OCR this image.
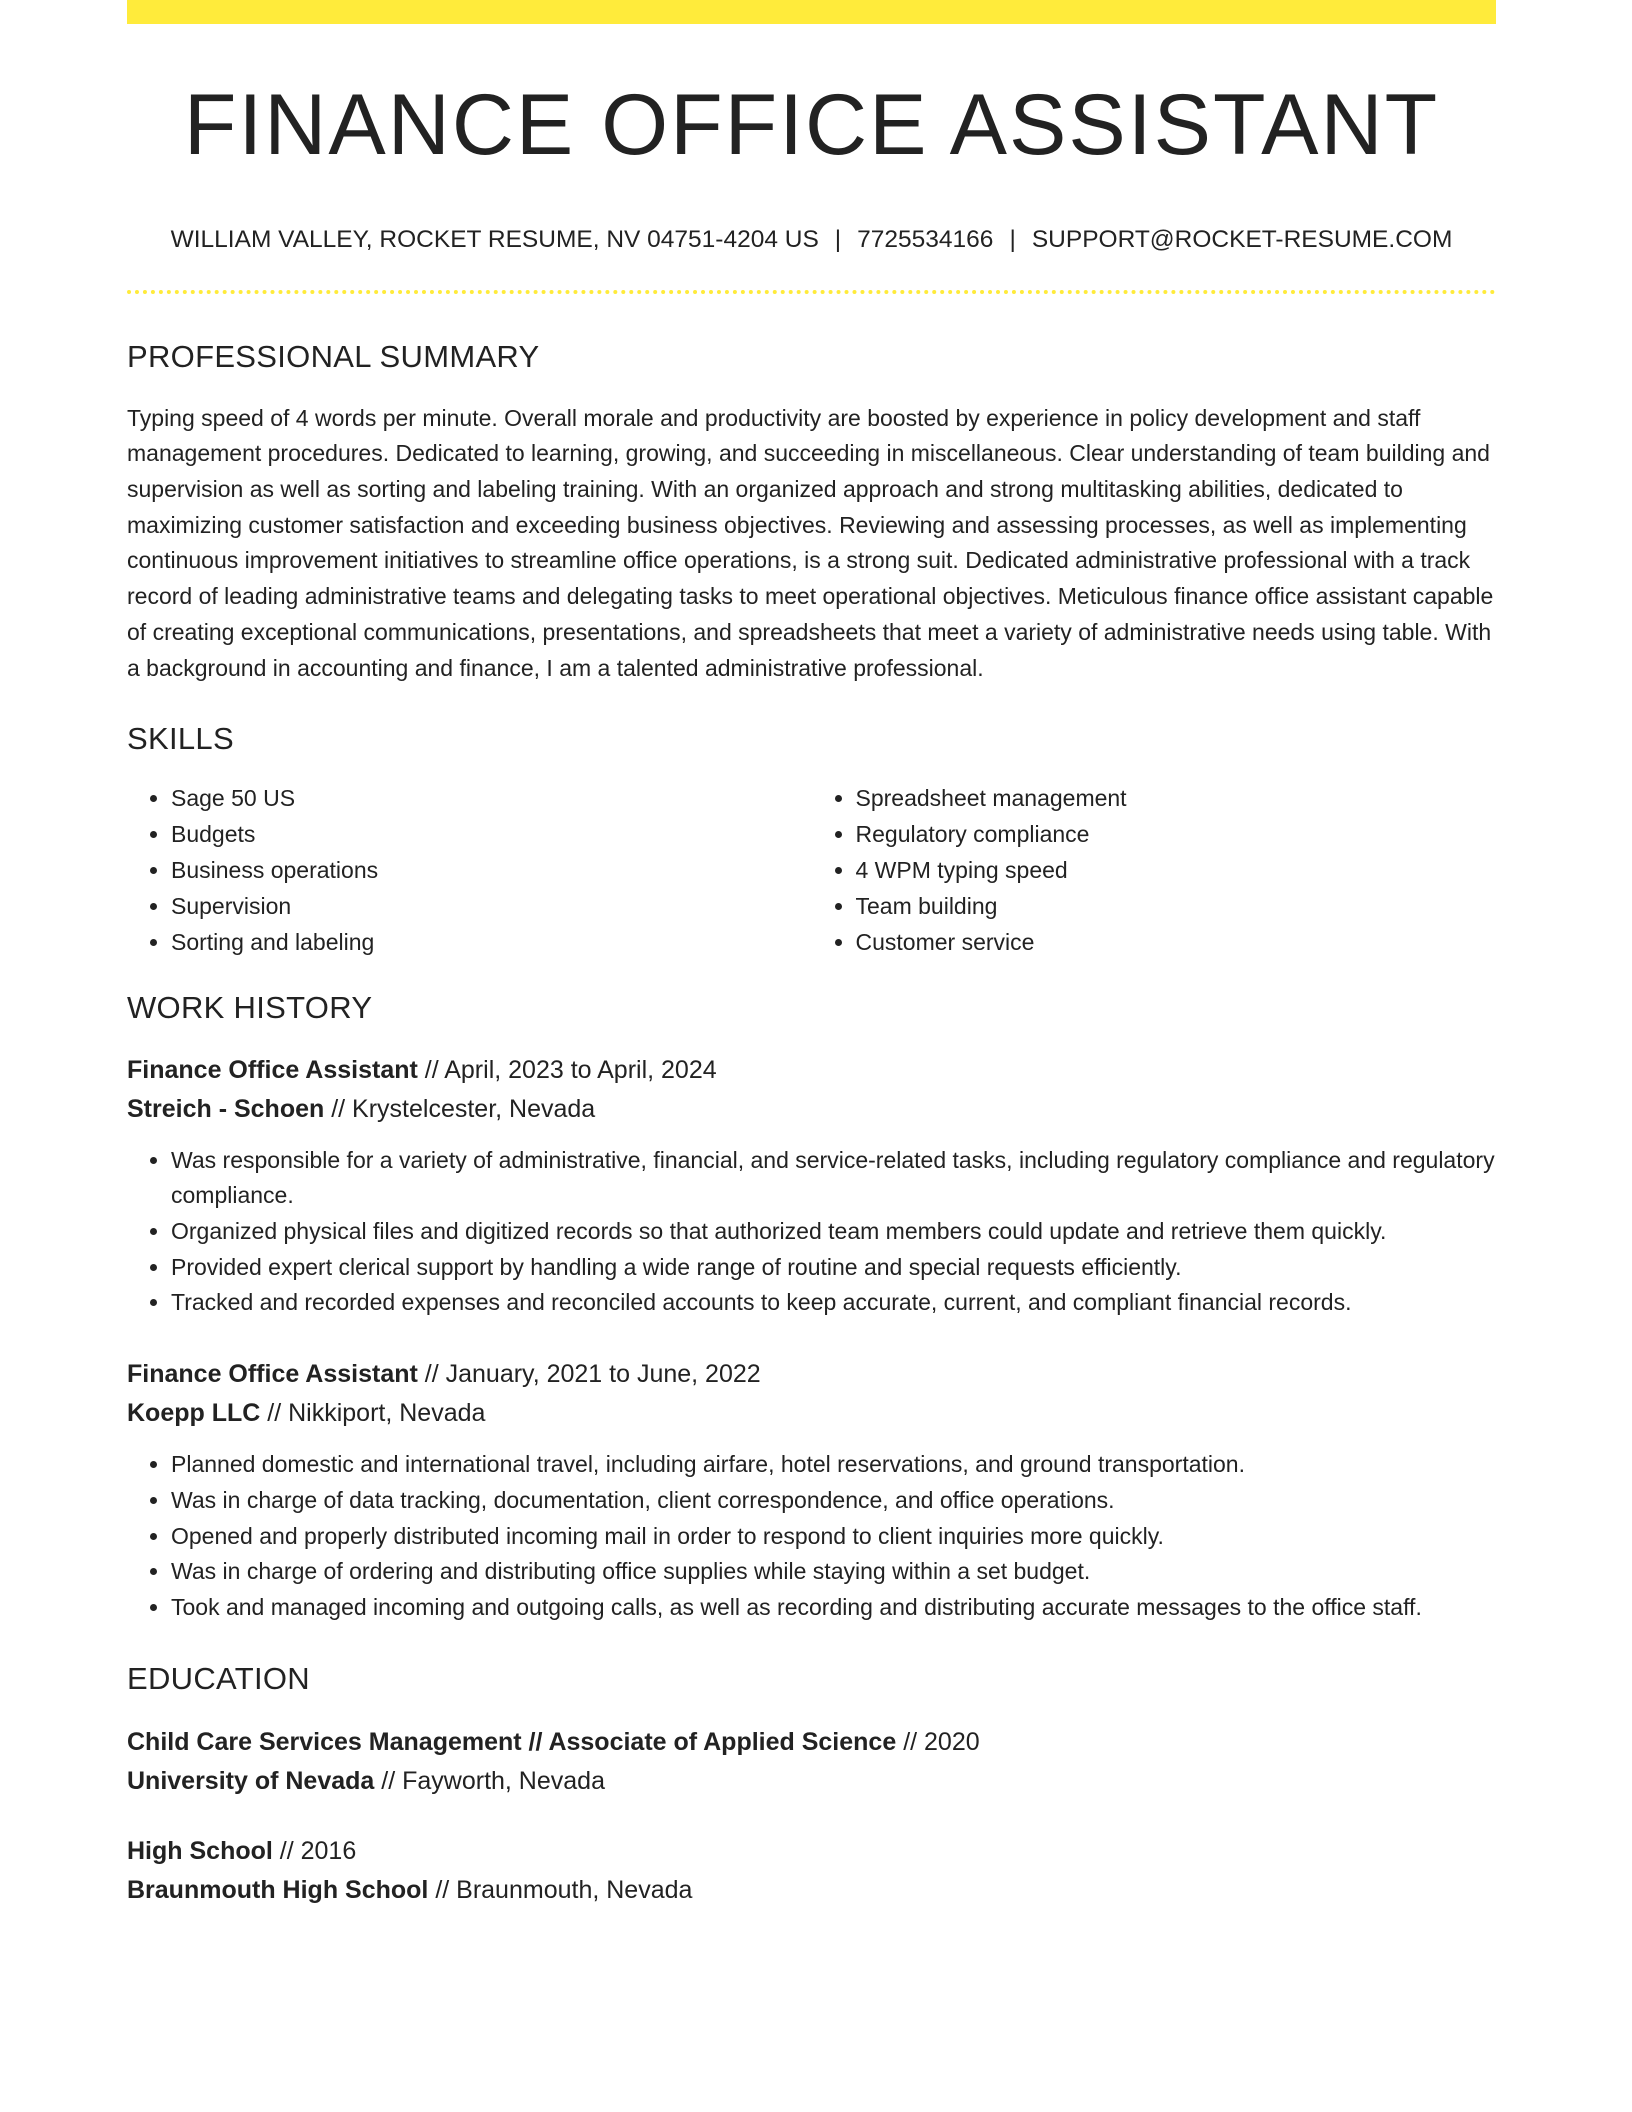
FINANCE OFFICE ASSISTANT
WILLIAM VALLEY, ROCKET RESUME, NV 04751-4204 US | 7725534166 | SUPPORT@ROCKET-RESUME.COM
PROFESSIONAL SUMMARY
Typing speed of 4 words per minute. Overall morale and productivity are boosted by experience in policy development and staff management procedures. Dedicated to learning, growing, and succeeding in miscellaneous. Clear understanding of team building and supervision as well as sorting and labeling training. With an organized approach and strong multitasking abilities, dedicated to maximizing customer satisfaction and exceeding business objectives. Reviewing and assessing processes, as well as implementing continuous improvement initiatives to streamline office operations, is a strong suit. Dedicated administrative professional with a track record of leading administrative teams and delegating tasks to meet operational objectives. Meticulous finance office assistant capable of creating exceptional communications, presentations, and spreadsheets that meet a variety of administrative needs using table. With a background in accounting and finance, I am a talented administrative professional.
SKILLS
• Sage 50 US
• Budgets
• Business operations
• Supervision
• Sorting and labeling
• Spreadsheet management
• Regulatory compliance
• 4 WPM typing speed
• Team building
• Customer service
WORK HISTORY
Finance Office Assistant // April, 2023 to April, 2024
Streich - Schoen // Krystelcester, Nevada
• Was responsible for a variety of administrative, financial, and service-related tasks, including regulatory compliance and regulatory compliance.
• Organized physical files and digitized records so that authorized team members could update and retrieve them quickly.
• Provided expert clerical support by handling a wide range of routine and special requests efficiently.
• Tracked and recorded expenses and reconciled accounts to keep accurate, current, and compliant financial records.
Finance Office Assistant // January, 2021 to June, 2022
Koepp LLC // Nikkiport, Nevada
• Planned domestic and international travel, including airfare, hotel reservations, and ground transportation.
• Was in charge of data tracking, documentation, client correspondence, and office operations.
• Opened and properly distributed incoming mail in order to respond to client inquiries more quickly.
• Was in charge of ordering and distributing office supplies while staying within a set budget.
• Took and managed incoming and outgoing calls, as well as recording and distributing accurate messages to the office staff.
EDUCATION
Child Care Services Management // Associate of Applied Science // 2020
University of Nevada // Fayworth, Nevada
High School // 2016
Braunmouth High School // Braunmouth, Nevada
